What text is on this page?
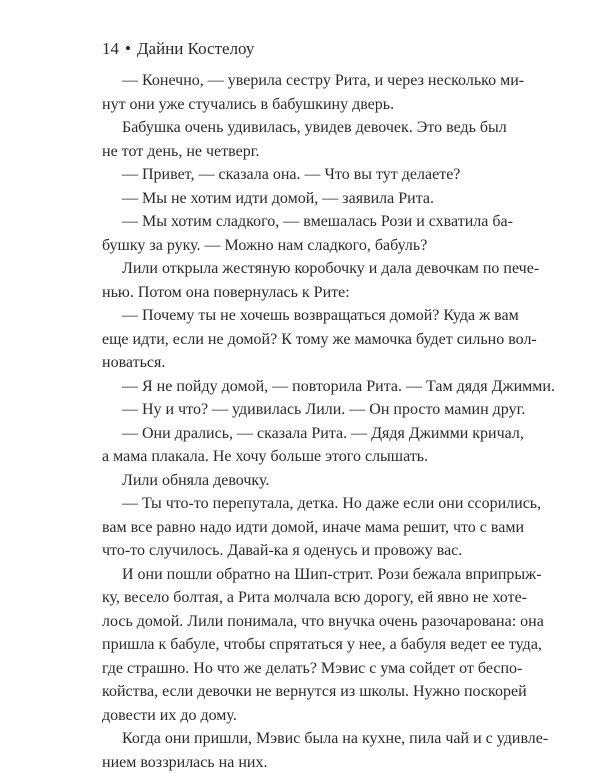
14 • Дайни Костелоу
— Конечно, — уверила сестру Рита, и через несколько ми-
нут они уже стучались в бабушкину дверь.
Бабушка очень удивилась, увидев девочек. Это ведь был
не тот день, не четверг.
— Привет, — сказала она. — Что вы тут делаете?
— Мы не хотим идти домой, — заявила Рита.
— Мы хотим сладкого, — вмешалась Рози и схватила ба-
бушку за руку. — Можно нам сладкого, бабуль?
Лили открыла жестяную коробочку и дала девочкам по пече-
нью. Потом она повернулась к Рите:
— Почему ты не хочешь возвращаться домой? Куда ж вам
еще идти, если не домой? К тому же мамочка будет сильно вол-
новаться.
— Я не пойду домой, — повторила Рита. — Там дядя Джимми.
— Ну и что? — удивилась Лили. — Он просто мамин друг.
— Они дрались, — сказала Рита. — Дядя Джимми кричал,
а мама плакала. Не хочу больше этого слышать.
Лили обняла девочку.
— Ты что-то перепутала, детка. Но даже если они ссорились,
вам все равно надо идти домой, иначе мама решит, что с вами
что-то случилось. Давай-ка я оденусь и провожу вас.
И они пошли обратно на Шип-стрит. Рози бежала вприпрыж-
ку, весело болтая, а Рита молчала всю дорогу, ей явно не хоте-
лось домой. Лили понимала, что внучка очень разочарована: она
пришла к бабуле, чтобы спрятаться у нее, а бабуля ведет ее туда,
где страшно. Но что же делать? Мэвис с ума сойдет от беспо-
койства, если девочки не вернутся из школы. Нужно поскорей
довести их до дому.
Когда они пришли, Мэвис была на кухне, пила чай и с удивле-
нием воззрилась на них.
